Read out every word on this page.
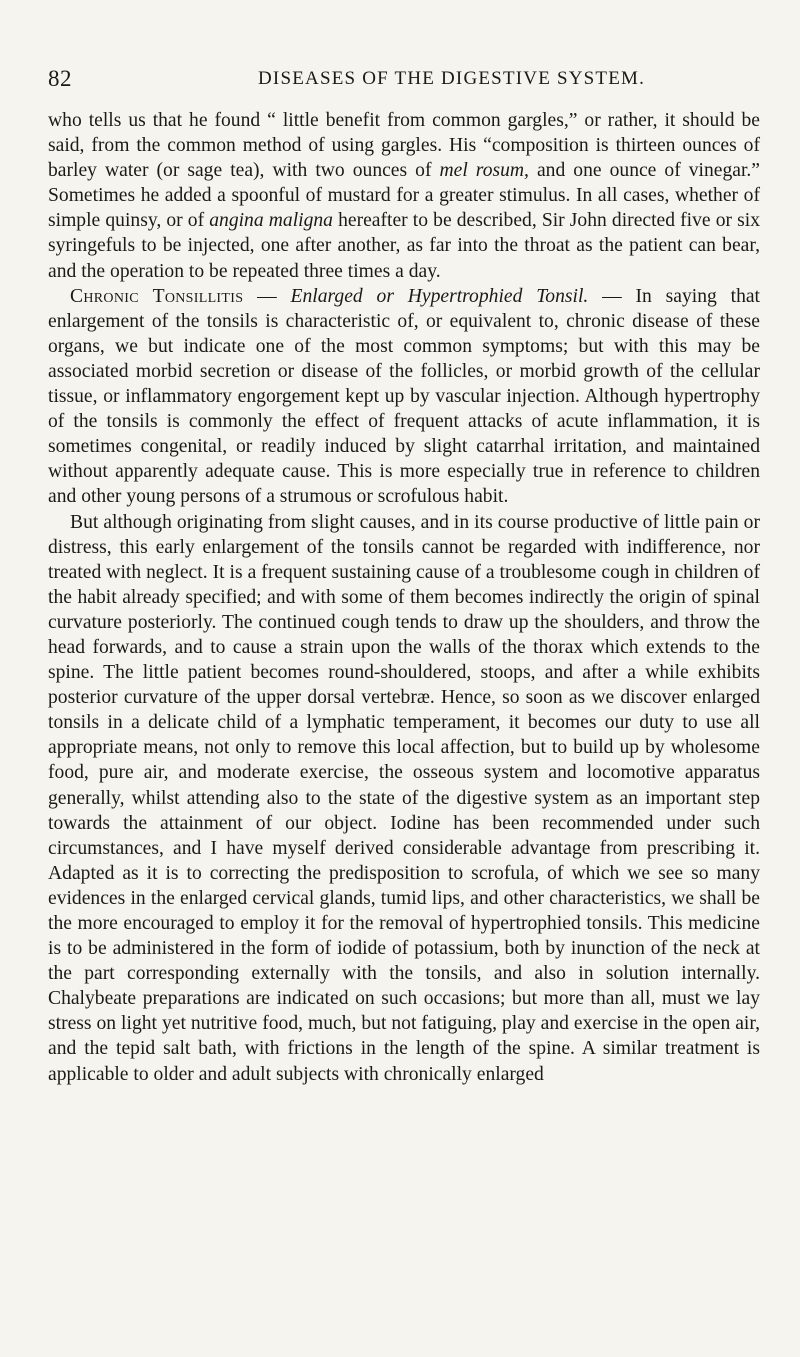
82	DISEASES OF THE DIGESTIVE SYSTEM.

who tells us that he found “ little benefit from common gargles,” or rather, it should be said, from the common method of using gargles. His “composition is thirteen ounces of barley water (or sage tea), with two ounces of mel rosum, and one ounce of vinegar.” Sometimes he added a spoonful of mustard for a greater stimulus. In all cases, whether of simple quinsy, or of angina maligna hereafter to be described, Sir John directed five or six syringefuls to be injected, one after another, as far into the throat as the patient can bear, and the operation to be repeated three times a day.

Chronic Tonsillitis — Enlarged or Hypertrophied Tonsil. — In saying that enlargement of the tonsils is characteristic of, or equivalent to, chronic disease of these organs, we but indicate one of the most common symptoms; but with this may be associated morbid secretion or disease of the follicles, or morbid growth of the cellular tissue, or inflammatory engorgement kept up by vascular injection. Although hypertrophy of the tonsils is commonly the effect of frequent attacks of acute inflammation, it is sometimes congenital, or readily induced by slight catarrhal irritation, and maintained without apparently adequate cause. This is more especially true in reference to children and other young persons of a strumous or scrofulous habit.

But although originating from slight causes, and in its course productive of little pain or distress, this early enlargement of the tonsils cannot be regarded with indifference, nor treated with neglect. It is a frequent sustaining cause of a troublesome cough in children of the habit already specified; and with some of them becomes indirectly the origin of spinal curvature posteriorly. The continued cough tends to draw up the shoulders, and throw the head forwards, and to cause a strain upon the walls of the thorax which extends to the spine. The little patient becomes round-shouldered, stoops, and after a while exhibits posterior curvature of the upper dorsal vertebræ. Hence, so soon as we discover enlarged tonsils in a delicate child of a lymphatic temperament, it becomes our duty to use all appropriate means, not only to remove this local affection, but to build up by wholesome food, pure air, and moderate exercise, the osseous system and locomotive apparatus generally, whilst attending also to the state of the digestive system as an important step towards the attainment of our object. Iodine has been recommended under such circumstances, and I have myself derived considerable advantage from prescribing it. Adapted as it is to correcting the predisposition to scrofula, of which we see so many evidences in the enlarged cervical glands, tumid lips, and other characteristics, we shall be the more encouraged to employ it for the removal of hypertrophied tonsils. This medicine is to be administered in the form of iodide of potassium, both by inunction of the neck at the part corresponding externally with the tonsils, and also in solution internally. Chalybeate preparations are indicated on such occasions; but more than all, must we lay stress on light yet nutritive food, much, but not fatiguing, play and exercise in the open air, and the tepid salt bath, with frictions in the length of the spine. A similar treatment is applicable to older and adult subjects with chronically enlarged
